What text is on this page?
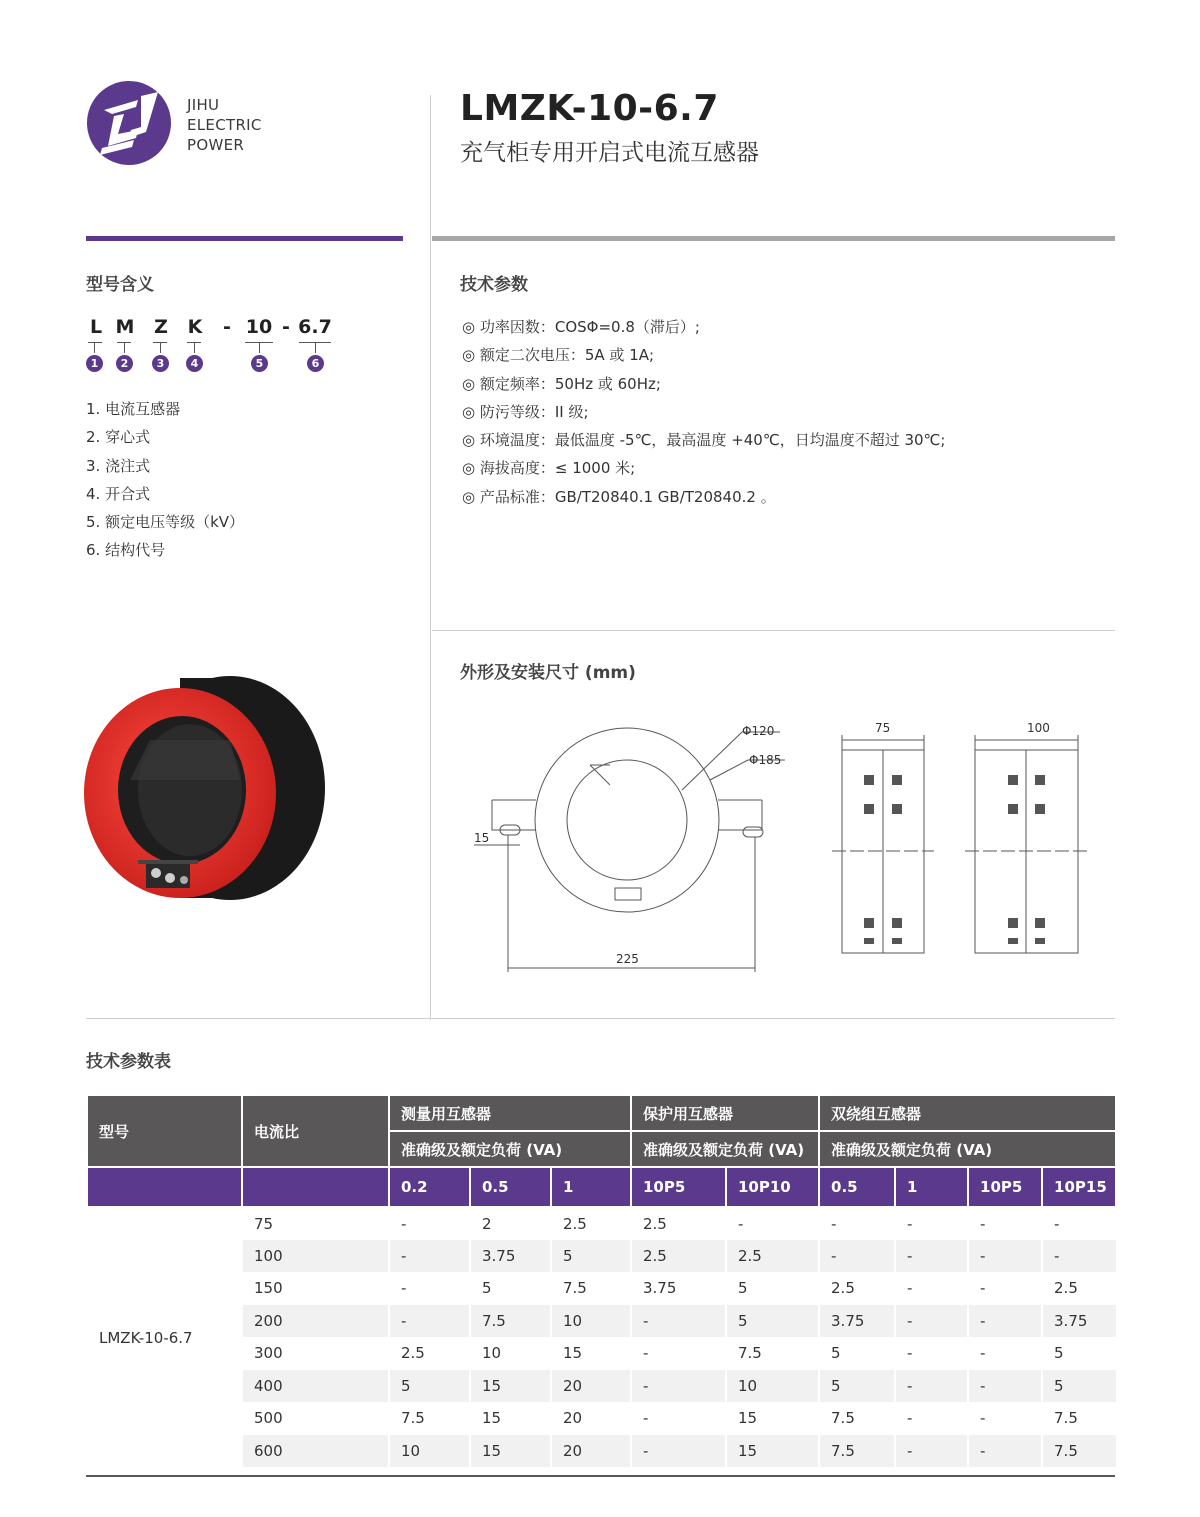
JIHU
ELECTRIC
POWER
LMZK-10-6.7
充气柜专用开启式电流互感器
型号含义
L M	Z	K	- 10 - 6.7
1	2	3	4	5	6
1. 电流互感器
2. 穿心式
3. 浇注式
4. 开合式
5. 额定电压等级（kV）
6. 结构代号
技术参数
◎ 功率因数：COSΦ=0.8（滞后）;
◎ 额定二次电压：5A 或 1A;
◎ 额定频率：50Hz 或 60Hz;
◎ 防污等级：II 级;
◎ 环境温度：最低温度 -5℃，最高温度 +40℃，日均温度不超过 30℃;
◎ 海拔高度：≤ 1000 米;
◎ 产品标准：GB/T20840.1 GB/T20840.2 。
外形及安装尺寸 (mm)
Φ120
Φ185
15
225
75	100
技术参数表
型号	电流比	测量用互感器			保护用互感器		双绕组互感器			
		准确级及额定负荷 (VA)			准确级及额定负荷 (VA)		准确级及额定负荷 (VA)			
		0.2	0.5	1	10P5	10P10	0.5	1	10P5	10P15
LMZK-10-6.7	75	-	2	2.5	2.5	-	-	-	-	-
	100	-	3.75	5	2.5	2.5	-	-	-	-
	150	-	5	7.5	3.75	5	2.5	-	-	2.5
	200	-	7.5	10	-	5	3.75	-	-	3.75
	300	2.5	10	15	-	7.5	5	-	-	5
	400	5	15	20	-	10	5	-	-	5
	500	7.5	15	20	-	15	7.5	-	-	7.5
	600	10	15	20	-	15	7.5	-	-	7.5
